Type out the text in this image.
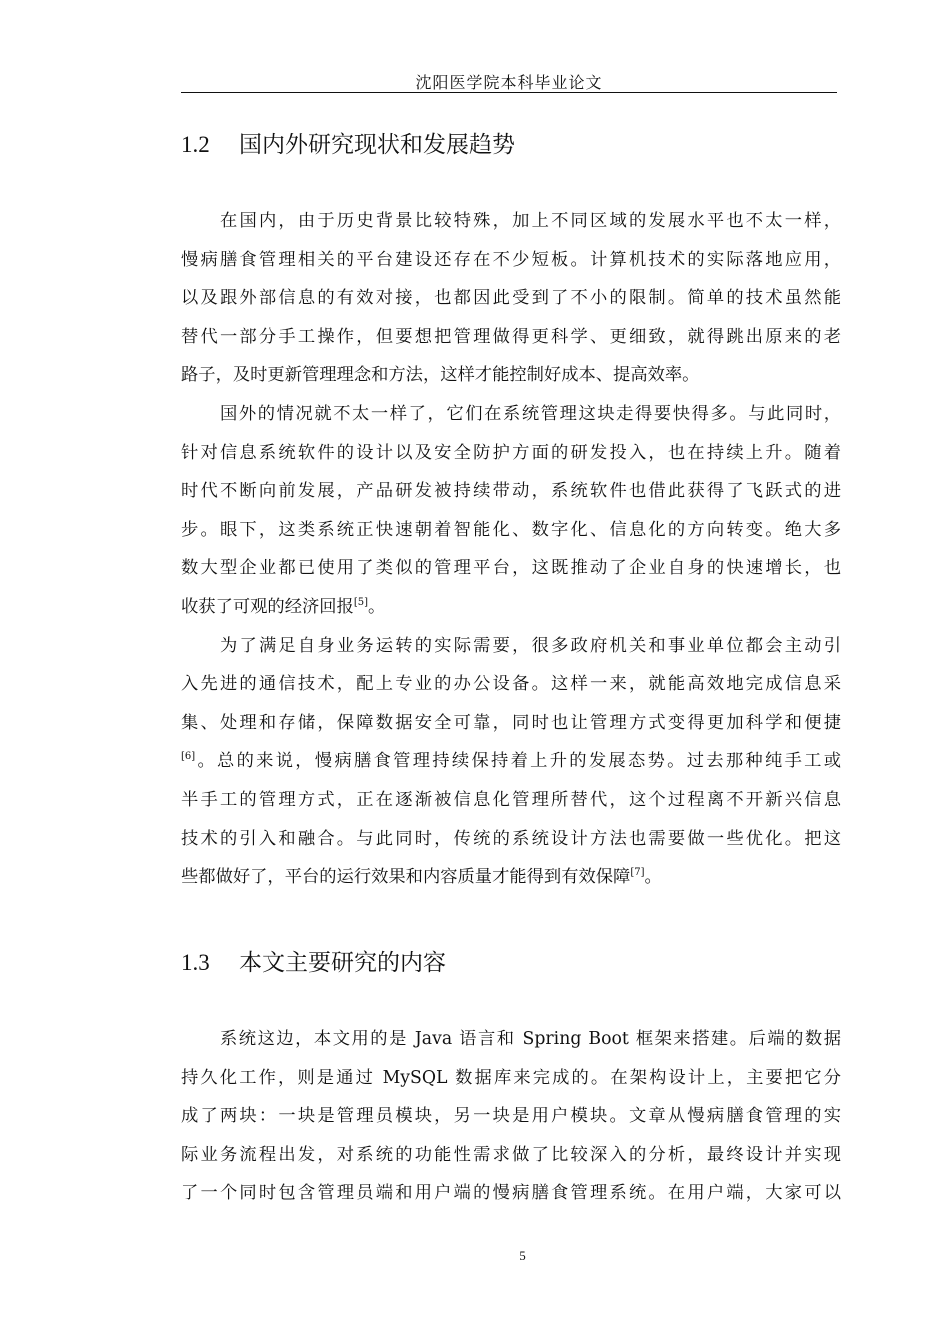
沈阳医学院本科毕业论文
1.2 国内外研究现状和发展趋势
在国内，由于历史背景比较特殊，加上不同区域的发展水平也不太一样，
慢病膳食管理相关的平台建设还存在不少短板。计算机技术的实际落地应用，
以及跟外部信息的有效对接，也都因此受到了不小的限制。简单的技术虽然能
替代一部分手工操作，但要想把管理做得更科学、更细致，就得跳出原来的老
路子，及时更新管理理念和方法，这样才能控制好成本、提高效率。
国外的情况就不太一样了，它们在系统管理这块走得要快得多。与此同时，
针对信息系统软件的设计以及安全防护方面的研发投入，也在持续上升。随着
时代不断向前发展，产品研发被持续带动，系统软件也借此获得了飞跃式的进
步。眼下，这类系统正快速朝着智能化、数字化、信息化的方向转变。绝大多
数大型企业都已使用了类似的管理平台，这既推动了企业自身的快速增长，也
收获了可观的经济回报[5]。
为了满足自身业务运转的实际需要，很多政府机关和事业单位都会主动引
入先进的通信技术，配上专业的办公设备。这样一来，就能高效地完成信息采
集、处理和存储，保障数据安全可靠，同时也让管理方式变得更加科学和便捷
[6]。总的来说，慢病膳食管理持续保持着上升的发展态势。过去那种纯手工或
半手工的管理方式，正在逐渐被信息化管理所替代，这个过程离不开新兴信息
技术的引入和融合。与此同时，传统的系统设计方法也需要做一些优化。把这
些都做好了，平台的运行效果和内容质量才能得到有效保障[7]。
1.3 本文主要研究的内容
系统这边，本文用的是 Java 语言和 Spring Boot 框架来搭建。后端的数据
持久化工作，则是通过 MySQL 数据库来完成的。在架构设计上，主要把它分
成了两块：一块是管理员模块，另一块是用户模块。文章从慢病膳食管理的实
际业务流程出发，对系统的功能性需求做了比较深入的分析，最终设计并实现
了一个同时包含管理员端和用户端的慢病膳食管理系统。在用户端，大家可以
5
